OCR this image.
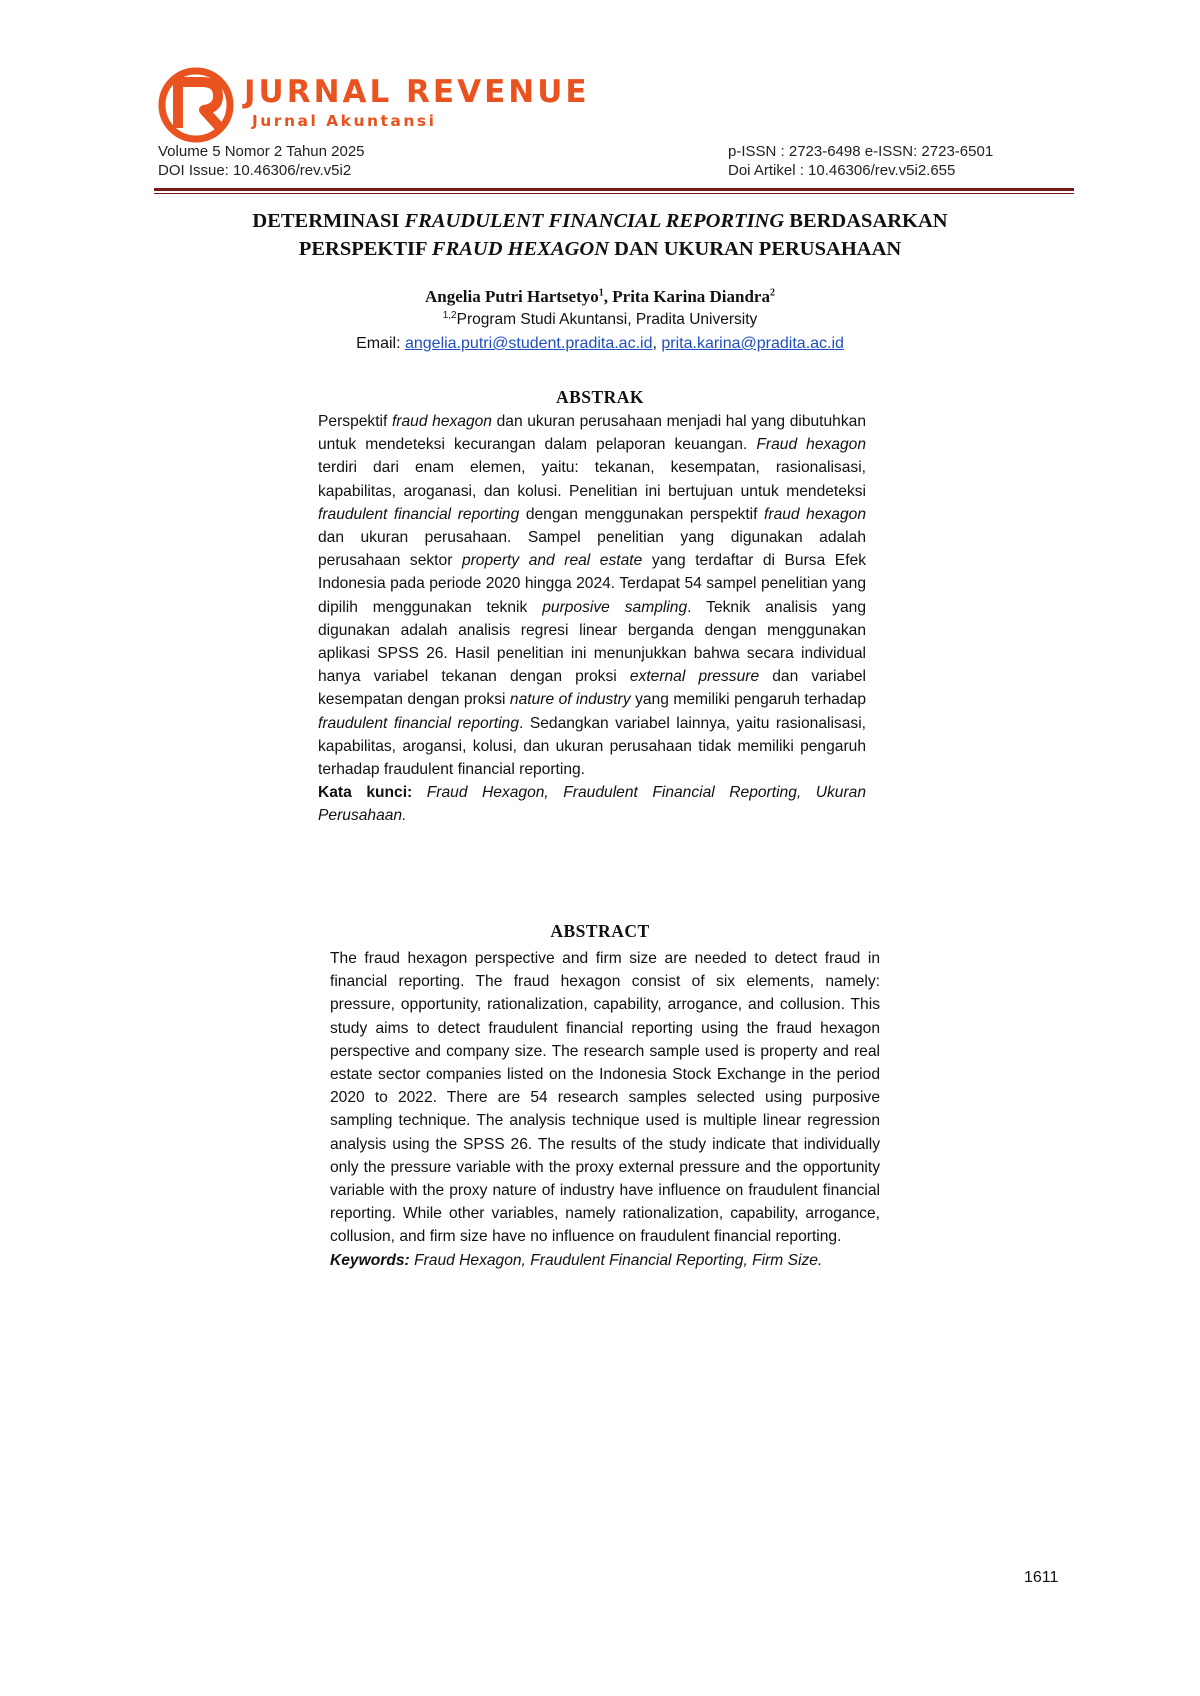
JURNAL REVENUE
Jurnal Akuntansi
Volume 5 Nomor 2 Tahun 2025
DOI Issue: 10.46306/rev.v5i2
p-ISSN : 2723-6498 e-ISSN: 2723-6501
Doi Artikel : 10.46306/rev.v5i2.655
DETERMINASI FRAUDULENT FINANCIAL REPORTING BERDASARKAN
PERSPEKTIF FRAUD HEXAGON DAN UKURAN PERUSAHAAN
Angelia Putri Hartsetyo$^1$, Prita Karina Diandra$^2$
$^{1,2}$Program Studi Akuntansi, Pradita University
Email: angelia.putri@student.pradita.ac.id, prita.karina@pradita.ac.id
ABSTRAK
Perspektif fraud hexagon dan ukuran perusahaan menjadi hal yang dibutuhkan untuk mendeteksi kecurangan dalam pelaporan keuangan. Fraud hexagon terdiri dari enam elemen, yaitu: tekanan, kesempatan, rasionalisasi, kapabilitas, aroganasi, dan kolusi. Penelitian ini bertujuan untuk mendeteksi fraudulent financial reporting dengan menggunakan perspektif fraud hexagon dan ukuran perusahaan. Sampel penelitian yang digunakan adalah perusahaan sektor property and real estate yang terdaftar di Bursa Efek Indonesia pada periode 2020 hingga 2024. Terdapat 54 sampel penelitian yang dipilih menggunakan teknik purposive sampling. Teknik analisis yang digunakan adalah analisis regresi linear berganda dengan menggunakan aplikasi SPSS 26. Hasil penelitian ini menunjukkan bahwa secara individual hanya variabel tekanan dengan proksi external pressure dan variabel kesempatan dengan proksi nature of industry yang memiliki pengaruh terhadap fraudulent financial reporting. Sedangkan variabel lainnya, yaitu rasionalisasi, kapabilitas, arogansi, kolusi, dan ukuran perusahaan tidak memiliki pengaruh terhadap fraudulent financial reporting.
Kata kunci: Fraud Hexagon, Fraudulent Financial Reporting, Ukuran Perusahaan.
ABSTRACT
The fraud hexagon perspective and firm size are needed to detect fraud in financial reporting. The fraud hexagon consist of six elements, namely: pressure, opportunity, rationalization, capability, arrogance, and collusion. This study aims to detect fraudulent financial reporting using the fraud hexagon perspective and company size. The research sample used is property and real estate sector companies listed on the Indonesia Stock Exchange in the period 2020 to 2022. There are 54 research samples selected using purposive sampling technique. The analysis technique used is multiple linear regression analysis using the SPSS 26. The results of the study indicate that individually only the pressure variable with the proxy external pressure and the opportunity variable with the proxy nature of industry have influence on fraudulent financial reporting. While other variables, namely rationalization, capability, arrogance, collusion, and firm size have no influence on fraudulent financial reporting.
Keywords: Fraud Hexagon, Fraudulent Financial Reporting, Firm Size.
1611
